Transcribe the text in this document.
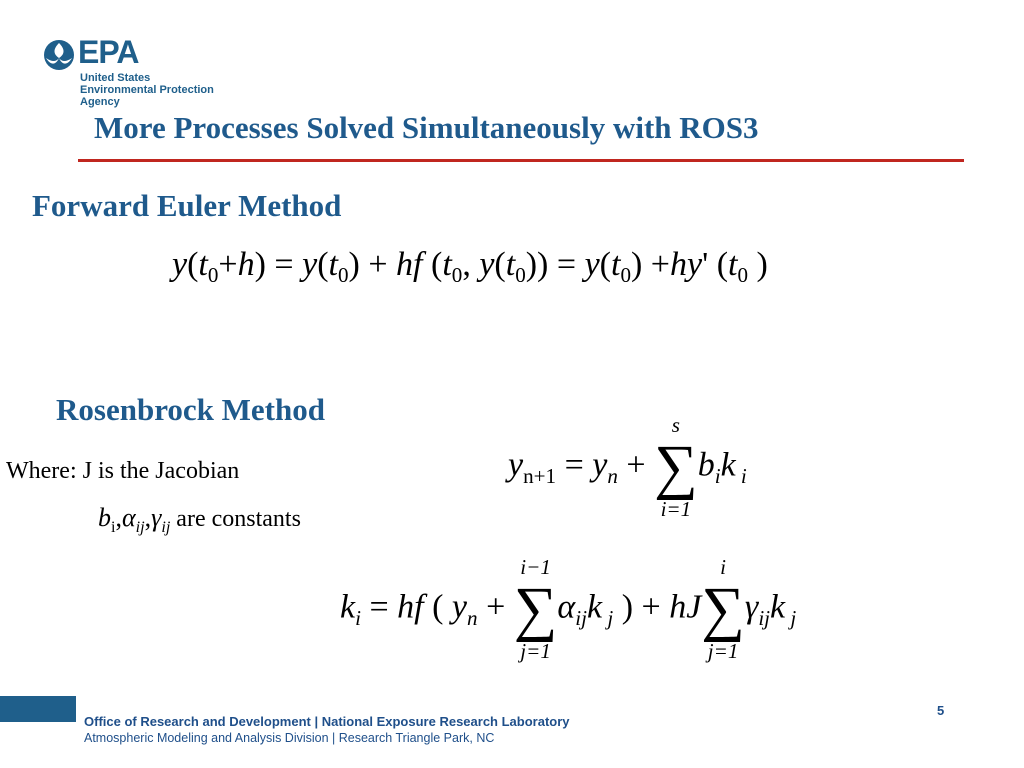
EPA
United States
Environmental Protection
Agency
More Processes Solved Simultaneously with ROS3
Forward Euler Method
$y(t_0+h) = y(t_0)$ + hf ($t_0$, $y(t_0)) = y(t_0) +hy'$ ($t_0$ )
Rosenbrock Method
Where: J is the Jacobian
$b_i,\alpha_{ij},\gamma_{ij}$ are constants
$y_{n+1} = y_n$ +
s
∑
i=1
$b_ik$ $_i$
$k_i$ = hf ( $y_n$ +
i−1
∑
j=1
$\alpha_{ij}k$ $_j$ ) + hJ
i
∑
j=1
$\gamma_{ij}k$ $_j$
Office of Research and Development | National Exposure Research Laboratory
Atmospheric Modeling and Analysis Division | Research Triangle Park, NC
5
